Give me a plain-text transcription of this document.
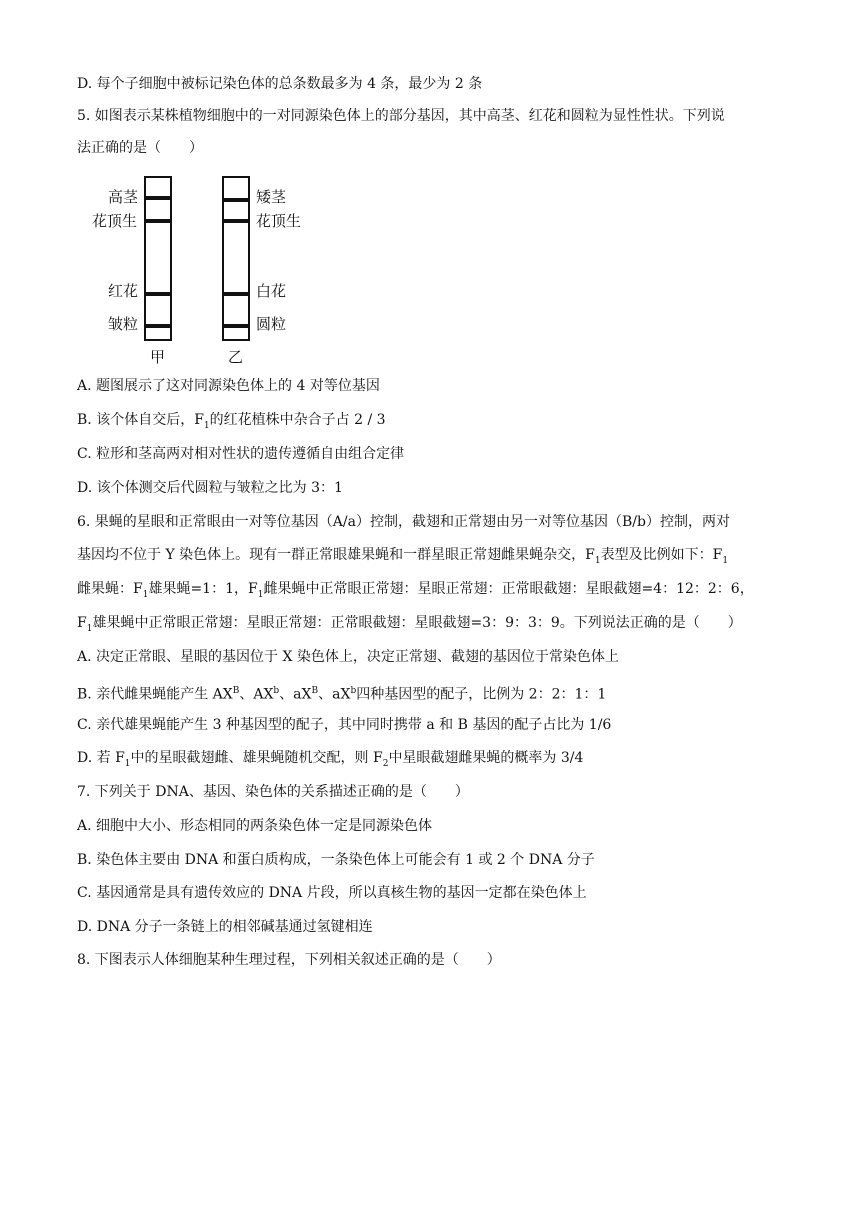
D. 每个子细胞中被标记染色体的总条数最多为 4 条，最少为 2 条
5. 如图表示某株植物细胞中的一对同源染色体上的部分基因，其中高茎、红花和圆粒为显性性状。下列说
法正确的是（　　）
高茎
花顶生
红花
皱粒
矮茎
花顶生
白花
圆粒
甲	乙
A. 题图展示了这对同源染色体上的 4 对等位基因
B. 该个体自交后，$F_1$的红花植株中杂合子占 2 / 3
C. 粒形和茎高两对相对性状的遗传遵循自由组合定律
D. 该个体测交后代圆粒与皱粒之比为 3：1
6. 果蝇的星眼和正常眼由一对等位基因（A/a）控制，截翅和正常翅由另一对等位基因（B/b）控制，两对
基因均不位于 Y 染色体上。现有一群正常眼雄果蝇和一群星眼正常翅雌果蝇杂交，$F_1$表型及比例如下：$F_1$
雌果蝇：$F_1$雄果蝇=1：1，$F_1$雌果蝇中正常眼正常翅：星眼正常翅：正常眼截翅：星眼截翅=4：12：2：6，
$F_1$雄果蝇中正常眼正常翅：星眼正常翅：正常眼截翅：星眼截翅=3：9：3：9。下列说法正确的是（　　）
A. 决定正常眼、星眼的基因位于 X 染色体上，决定正常翅、截翅的基因位于常染色体上
B. 亲代雌果蝇能产生 $AX^B$、$AX^b$、$aX^B$、$aX^b$四种基因型的配子，比例为 2：2：1：1
C. 亲代雄果蝇能产生 3 种基因型的配子，其中同时携带 a 和 B 基因的配子占比为 1/6
D. 若 $F_1$中的星眼截翅雌、雄果蝇随机交配，则 $F_2$中星眼截翅雌果蝇的概率为 3/4
7. 下列关于 DNA、基因、染色体的关系描述正确的是（　　）
A. 细胞中大小、形态相同的两条染色体一定是同源染色体
B. 染色体主要由 DNA 和蛋白质构成，一条染色体上可能会有 1 或 2 个 DNA 分子
C. 基因通常是具有遗传效应的 DNA 片段，所以真核生物的基因一定都在染色体上
D. DNA 分子一条链上的相邻碱基通过氢键相连
8. 下图表示人体细胞某种生理过程，下列相关叙述正确的是（　　）
